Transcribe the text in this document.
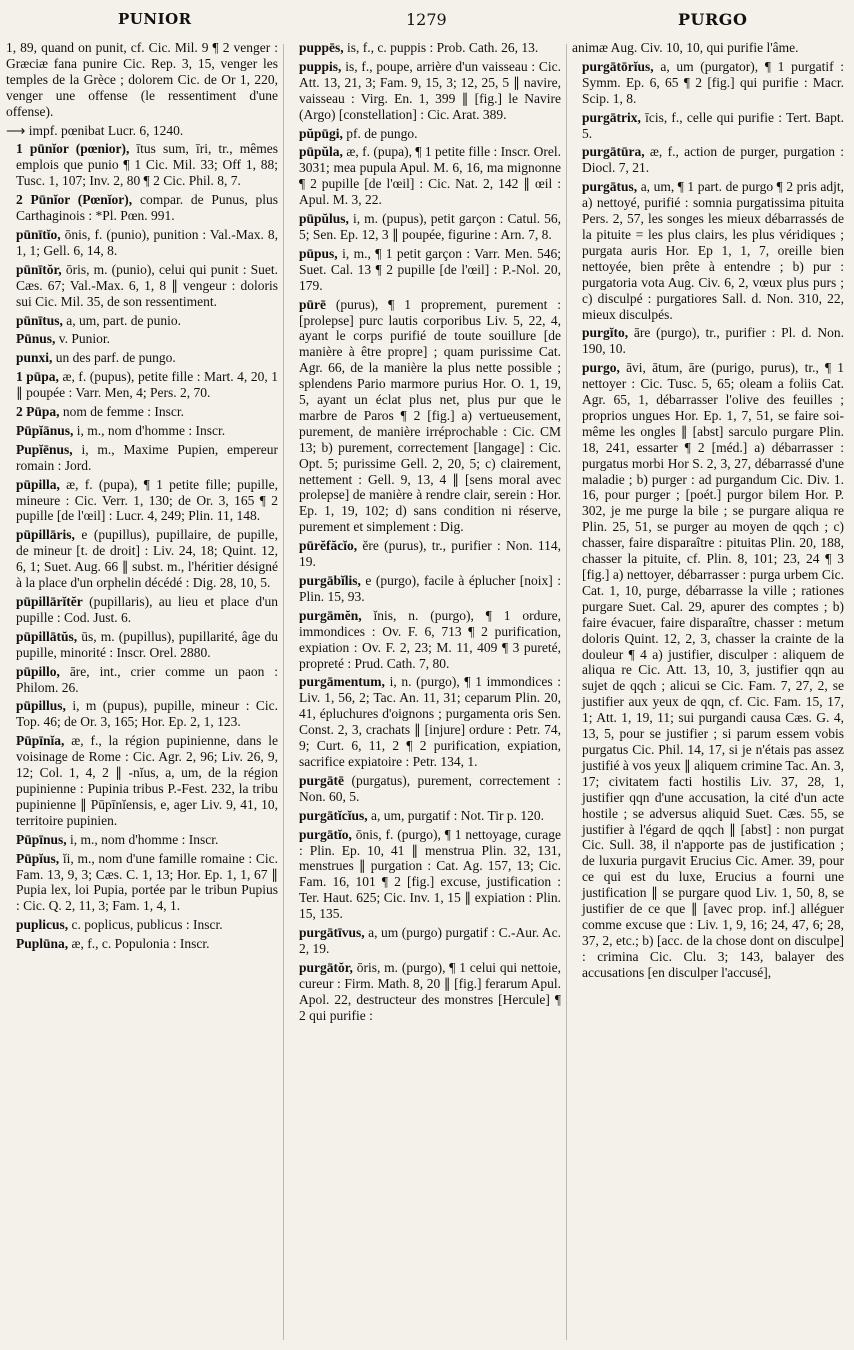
PUNIOR	1279	PURGO

1, 89, quand on punit, cf. Cic. Mil. 9 ¶ 2 venger : Græciæ fana punire Cic. Rep. 3, 15, venger les temples de la Grèce ; dolorem Cic. de Or 1, 220, venger une offense (le ressentiment d'une offense).

⟶ impf. pœnibat Lucr. 6, 1240.

1 pūnĭor (pœnior), ītus sum, īri, tr., mêmes emplois que punio ¶ 1 Cic. Mil. 33; Off 1, 88; Tusc. 1, 107; Inv. 2, 80 ¶ 2 Cic. Phil. 8, 7.

2 Pūnĭor (Pœnĭor), compar. de Punus, plus Carthaginois : *Pl. Pœn. 991.

pūnītĭo, ōnis, f. (punio), punition : Val.-Max. 8, 1, 1; Gell. 6, 14, 8.

pūnītŏr, ōris, m. (punio), celui qui punit : Suet. Cæs. 67; Val.-Max. 6, 1, 8 ∥ vengeur : doloris sui Cic. Mil. 35, de son ressentiment.

pūnītus, a, um, part. de punio.

Pūnus, v. Punior.

punxi, un des parf. de pungo.

1 pūpa, æ, f. (pupus), petite fille : Mart. 4, 20, 1 ∥ poupée : Varr. Men, 4; Pers. 2, 70.

2 Pūpa, nom de femme : Inscr.

Pūpĭānus, i, m., nom d'homme : Inscr.

Pupĭēnus, i, m., Maxime Pupien, empereur romain : Jord.

pūpilla, æ, f. (pupa), ¶ 1 petite fille; pupille, mineure : Cic. Verr. 1, 130; de Or. 3, 165 ¶ 2 pupille [de l'œil] : Lucr. 4, 249; Plin. 11, 148.

pūpillāris, e (pupillus), pupillaire, de pupille, de mineur [t. de droit] : Liv. 24, 18; Quint. 12, 6, 1; Suet. Aug. 66 ∥ subst. m., l'héritier désigné à la place d'un orphelin décédé : Dig. 28, 10, 5.

pūpillārĭtĕr (pupillaris), au lieu et place d'un pupille : Cod. Just. 6.

pūpillātŭs, ūs, m. (pupillus), pupillarité, âge du pupille, minorité : Inscr. Orel. 2880.

pūpillo, āre, int., crier comme un paon : Philom. 26.

pūpillus, i, m (pupus), pupille, mineur : Cic. Top. 46; de Or. 3, 165; Hor. Ep. 2, 1, 123.

Pūpīnĭa, æ, f., la région pupinienne, dans le voisinage de Rome : Cic. Agr. 2, 96; Liv. 26, 9, 12; Col. 1, 4, 2 ∥ -nĭus, a, um, de la région pupinienne : Pupinia tribus P.-Fest. 232, la tribu pupinienne ∥ Pūpīnĭensis, e, ager Liv. 9, 41, 10, territoire pupinien.

Pūpīnus, i, m., nom d'homme : Inscr.

Pūpĭus, ĭi, m., nom d'une famille romaine : Cic. Fam. 13, 9, 3; Cæs. C. 1, 13; Hor. Ep. 1, 1, 67 ∥ Pupia lex, loi Pupia, portée par le tribun Pupius : Cic. Q. 2, 11, 3; Fam. 1, 4, 1.

puplicus, c. poplicus, publicus : Inscr.

Puplūna, æ, f., c. Populonia : Inscr.

puppēs, is, f., c. puppis : Prob. Cath. 26, 13.

puppis, is, f., poupe, arrière d'un vaisseau : Cic. Att. 13, 21, 3; Fam. 9, 15, 3; 12, 25, 5 ∥ navire, vaisseau : Virg. En. 1, 399 ∥ [fig.] le Navire (Argo) [constellation] : Cic. Arat. 389.

pŭpūgi, pf. de pungo.

pūpŭla, æ, f. (pupa), ¶ 1 petite fille : Inscr. Orel. 3031; mea pupula Apul. M. 6, 16, ma mignonne ¶ 2 pupille [de l'œil] : Cic. Nat. 2, 142 ∥ œil : Apul. M. 3, 22.

pūpŭlus, i, m. (pupus), petit garçon : Catul. 56, 5; Sen. Ep. 12, 3 ∥ poupée, figurine : Arn. 7, 8.

pūpus, i, m., ¶ 1 petit garçon : Varr. Men. 546; Suet. Cal. 13 ¶ 2 pupille [de l'œil] : P.-Nol. 20, 179.

pūrē (purus), ¶ 1 proprement, purement : [prolepse] purc lautis corporibus Liv. 5, 22, 4, ayant le corps purifié de toute souillure [de manière à être propre] ; quam purissime Cat. Agr. 66, de la manière la plus nette possible ; splendens Pario marmore purius Hor. O. 1, 19, 5, ayant un éclat plus net, plus pur que le marbre de Paros ¶ 2 [fig.] a) vertueusement, purement, de manière irréprochable : Cic. CM 13; b) purement, correctement [langage] : Cic. Opt. 5; purissime Gell. 2, 20, 5; c) clairement, nettement : Gell. 9, 13, 4 ∥ [sens moral avec prolepse] de manière à rendre clair, serein : Hor. Ep. 1, 19, 102; d) sans condition ni réserve, purement et simplement : Dig.

pūrĕfăcĭo, ĕre (purus), tr., purifier : Non. 114, 19.

purgābĭlis, e (purgo), facile à éplucher [noix] : Plin. 15, 93.

purgāmĕn, ĭnis, n. (purgo), ¶ 1 ordure, immondices : Ov. F. 6, 713 ¶ 2 purification, expiation : Ov. F. 2, 23; M. 11, 409 ¶ 3 pureté, propreté : Prud. Cath. 7, 80.

purgāmentum, i, n. (purgo), ¶ 1 immondices : Liv. 1, 56, 2; Tac. An. 11, 31; ceparum Plin. 20, 41, épluchures d'oignons ; purgamenta oris Sen. Const. 2, 3, crachats ∥ [injure] ordure : Petr. 74, 9; Curt. 6, 11, 2 ¶ 2 purification, expiation, sacrifice expiatoire : Petr. 134, 1.

purgātē (purgatus), purement, correctement : Non. 60, 5.

purgātĭcĭus, a, um, purgatif : Not. Tir p. 120.

purgātĭo, ōnis, f. (purgo), ¶ 1 nettoyage, curage : Plin. Ep. 10, 41 ∥ menstrua Plin. 32, 131, menstrues ∥ purgation : Cat. Ag. 157, 13; Cic. Fam. 16, 101 ¶ 2 [fig.] excuse, justification : Ter. Haut. 625; Cic. Inv. 1, 15 ∥ expiation : Plin. 15, 135.

purgātīvus, a, um (purgo) purgatif : C.-Aur. Ac. 2, 19.

purgātŏr, ōris, m. (purgo), ¶ 1 celui qui nettoie, cureur : Firm. Math. 8, 20 ∥ [fig.] ferarum Apul. Apol. 22, destructeur des monstres [Hercule] ¶ 2 qui purifie :

animæ Aug. Civ. 10, 10, qui purifie l'âme.

purgātōrĭus, a, um (purgator), ¶ 1 purgatif : Symm. Ep. 6, 65 ¶ 2 [fig.] qui purifie : Macr. Scip. 1, 8.

purgātrix, īcis, f., celle qui purifie : Tert. Bapt. 5.

purgātūra, æ, f., action de purger, purgation : Diocl. 7, 21.

purgātus, a, um, ¶ 1 part. de purgo ¶ 2 pris adjt, a) nettoyé, purifié : somnia purgatissima pituita Pers. 2, 57, les songes les mieux débarrassés de la pituite = les plus clairs, les plus véridiques ; purgata auris Hor. Ep 1, 1, 7, oreille bien nettoyée, bien prête à entendre ; b) pur : purgatoria vota Aug. Civ. 6, 2, vœux plus purs ; c) disculpé : purgatiores Sall. d. Non. 310, 22, mieux disculpés.

purgĭto, āre (purgo), tr., purifier : Pl. d. Non. 190, 10.

purgo, āvi, ātum, āre (purigo, purus), tr., ¶ 1 nettoyer : Cic. Tusc. 5, 65; oleam a foliis Cat. Agr. 65, 1, débarrasser l'olive des feuilles ; proprios ungues Hor. Ep. 1, 7, 51, se faire soi-même les ongles ∥ [abst] sarculo purgare Plin. 18, 241, essarter ¶ 2 [méd.] a) débarrasser : purgatus morbi Hor S. 2, 3, 27, débarrassé d'une maladie ; b) purger : ad purgandum Cic. Div. 1. 16, pour purger ; [poét.] purgor bilem Hor. P. 302, je me purge la bile ; se purgare aliqua re Plin. 25, 51, se purger au moyen de qqch ; c) chasser, faire disparaître : pituitas Plin. 20, 188, chasser la pituite, cf. Plin. 8, 101; 23, 24 ¶ 3 [fig.] a) nettoyer, débarrasser : purga urbem Cic. Cat. 1, 10, purge, débarrasse la ville ; rationes purgare Suet. Cal. 29, apurer des comptes ; b) faire évacuer, faire disparaître, chasser : metum doloris Quint. 12, 2, 3, chasser la crainte de la douleur ¶ 4 a) justifier, disculper : aliquem de aliqua re Cic. Att. 13, 10, 3, justifier qqn au sujet de qqch ; alicui se Cic. Fam. 7, 27, 2, se justifier aux yeux de qqn, cf. Cic. Fam. 15, 17, 1; Att. 1, 19, 11; sui purgandi causa Cæs. G. 4, 13, 5, pour se justifier ; si parum essem vobis purgatus Cic. Phil. 14, 17, si je n'étais pas assez justifié à vos yeux ∥ aliquem crimine Tac. An. 3, 17; civitatem facti hostilis Liv. 37, 28, 1, justifier qqn d'une accusation, la cité d'un acte hostile ; se adversus aliquid Suet. Cæs. 55, se justifier à l'égard de qqch ∥ [abst] : non purgat Cic. Sull. 38, il n'apporte pas de justification ; de luxuria purgavit Erucius Cic. Amer. 39, pour ce qui est du luxe, Erucius a fourni une justification ∥ se purgare quod Liv. 1, 50, 8, se justifier de ce que ∥ [avec prop. inf.] alléguer comme excuse que : Liv. 1, 9, 16; 24, 47, 6; 28, 37, 2, etc.; b) [acc. de la chose dont on disculpe] : crimina Cic. Clu. 3; 143, balayer des accusations [en disculper l'accusé],
